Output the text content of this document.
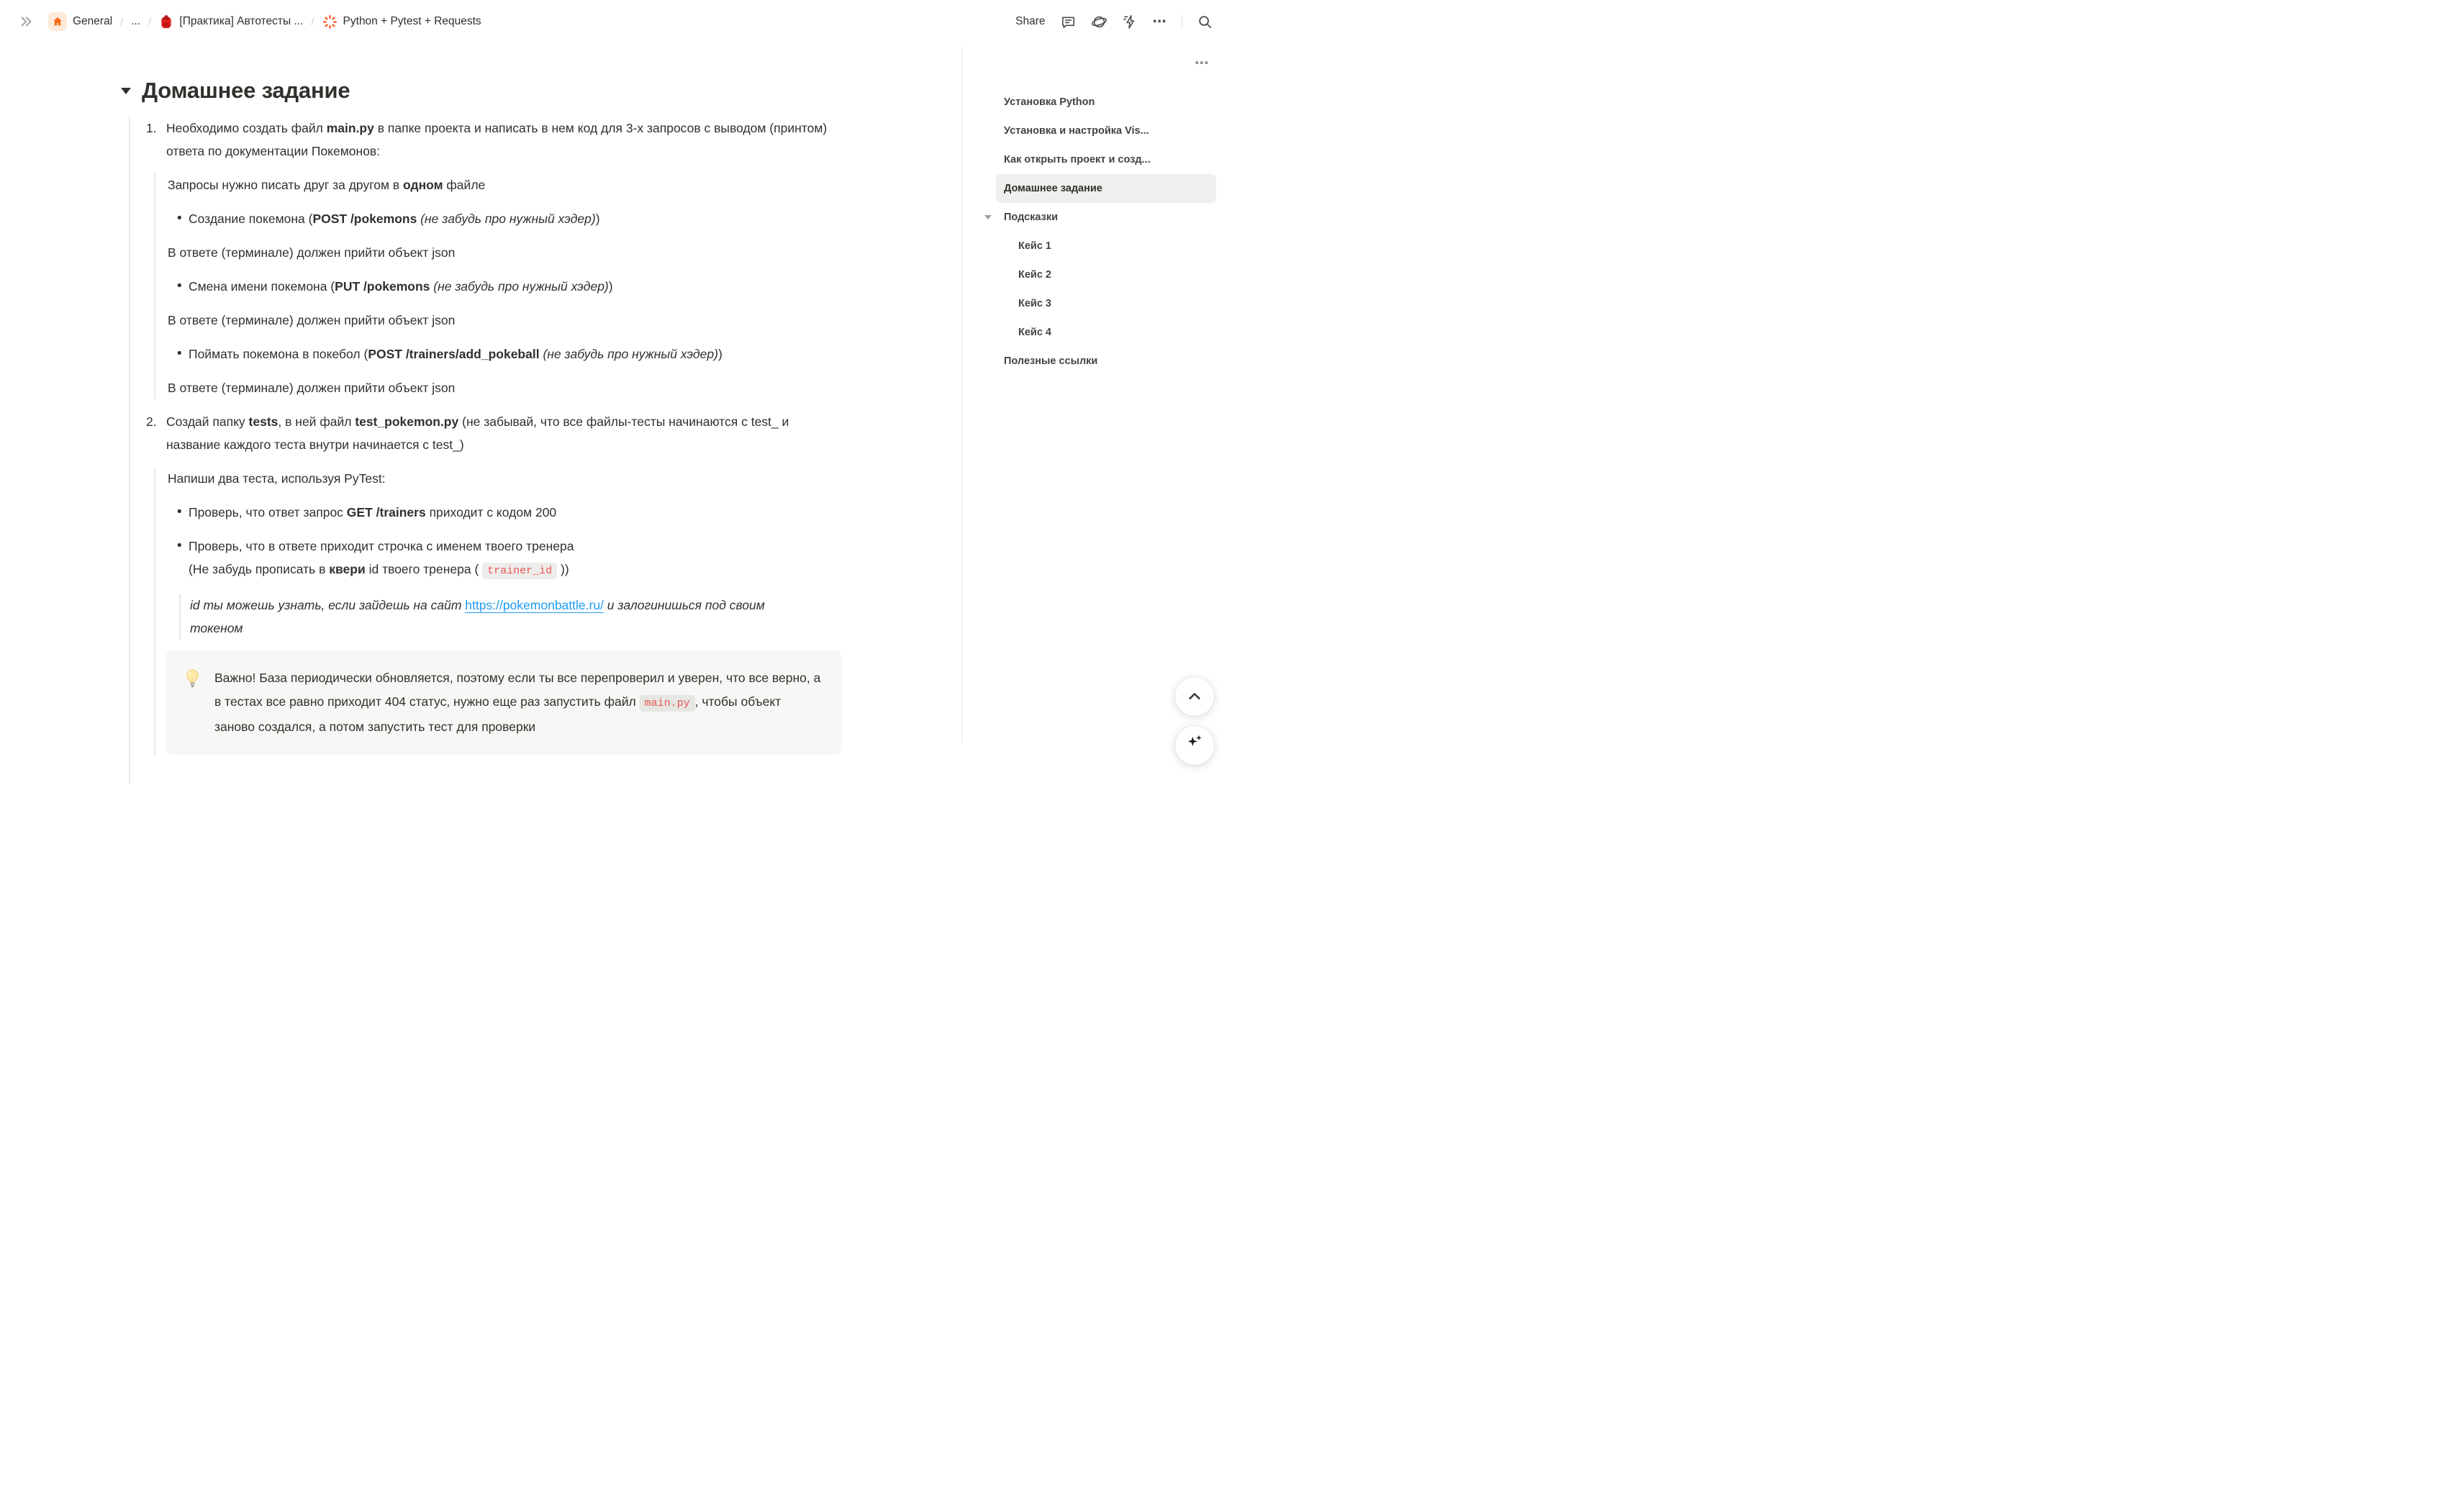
General / ... /	[Практика] Автотесты ... /	Python + Pytest + Requests	Share	⋯
Домашнее задание
1. Необходимо создать файл main.py в папке проекта и написать в нем код для 3-х запросов с выводом (принтом) ответа по документации Покемонов:

Запросы нужно писать друг за другом в одном файле

• Создание покемона (POST /pokemons (не забудь про нужный хэдер))

В ответе (терминале) должен прийти объект json

• Смена имени покемона (PUT /pokemons (не забудь про нужный хэдер))

В ответе (терминале) должен прийти объект json

• Поймать покемона в покебол (POST /trainers/add_pokeball (не забудь про нужный хэдер))

В ответе (терминале) должен прийти объект json

2. Создай папку tests, в ней файл test_pokemon.py (не забывай, что все файлы-тесты начинаются с test_ и название каждого теста внутри начинается с test_)

Напиши два теста, используя PyTest:

• Проверь, что ответ запрос GET /trainers приходит с кодом 200
• Проверь, что в ответе приходит строчка с именем твоего тренера
(Не забудь прописать в квери id твоего тренера ( trainer_id ))
id ты можешь узнать, если зайдешь на сайт https://pokemonbattle.ru/ и залогинишься под своим токеном
Важно! База периодически обновляется, поэтому если ты все перепроверил и уверен, что все верно, а в тестах все равно приходит 404 статус, нужно еще раз запустить файл main.py , чтобы объект заново создался, а потом запустить тест для проверки
⋯
Установка Python
Установка и настройка Vis...
Как открыть проект и созд...
Домашнее задание
Подсказки
Кейс 1
Кейс 2
Кейс 3
Кейс 4
Полезные ссылки
